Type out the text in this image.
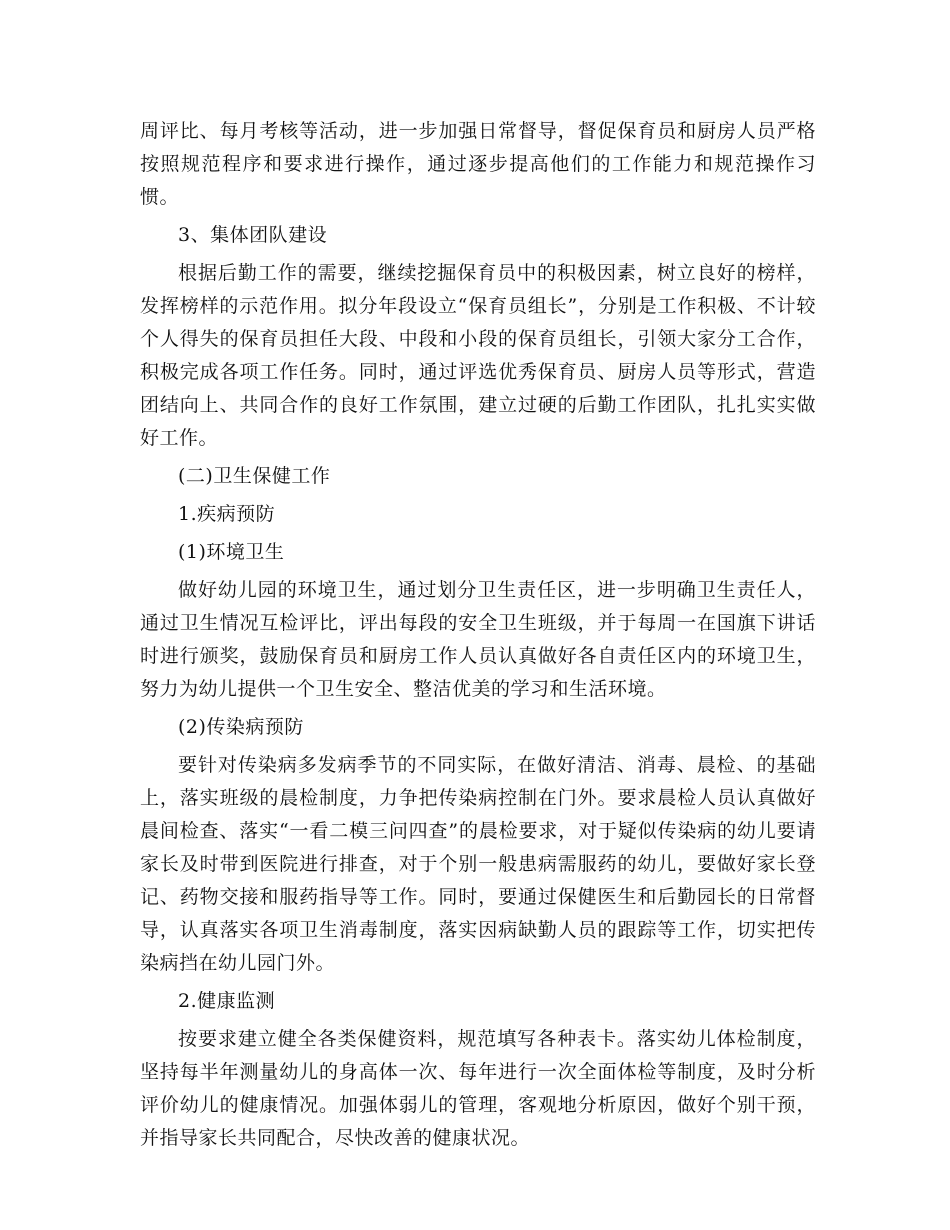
周评比、每月考核等活动，进一步加强日常督导，督促保育员和厨房人员严格按照规范程序和要求进行操作，通过逐步提高他们的工作能力和规范操作习惯。

3、集体团队建设

根据后勤工作的需要，继续挖掘保育员中的积极因素，树立良好的榜样，发挥榜样的示范作用。拟分年段设立“保育员组长”，分别是工作积极、不计较个人得失的保育员担任大段、中段和小段的保育员组长，引领大家分工合作，积极完成各项工作任务。同时，通过评选优秀保育员、厨房人员等形式，营造团结向上、共同合作的良好工作氛围，建立过硬的后勤工作团队，扎扎实实做好工作。

(二)卫生保健工作

1.疾病预防

(1)环境卫生

做好幼儿园的环境卫生，通过划分卫生责任区，进一步明确卫生责任人，通过卫生情况互检评比，评出每段的安全卫生班级，并于每周一在国旗下讲话时进行颁奖，鼓励保育员和厨房工作人员认真做好各自责任区内的环境卫生，努力为幼儿提供一个卫生安全、整洁优美的学习和生活环境。

(2)传染病预防

要针对传染病多发病季节的不同实际，在做好清洁、消毒、晨检、的基础上，落实班级的晨检制度，力争把传染病控制在门外。要求晨检人员认真做好晨间检查、落实“一看二模三问四查”的晨检要求，对于疑似传染病的幼儿要请家长及时带到医院进行排查，对于个别一般患病需服药的幼儿，要做好家长登记、药物交接和服药指导等工作。同时，要通过保健医生和后勤园长的日常督导，认真落实各项卫生消毒制度，落实因病缺勤人员的跟踪等工作，切实把传染病挡在幼儿园门外。

2.健康监测

按要求建立健全各类保健资料，规范填写各种表卡。落实幼儿体检制度，坚持每半年测量幼儿的身高体一次、每年进行一次全面体检等制度，及时分析评价幼儿的健康情况。加强体弱儿的管理，客观地分析原因，做好个别干预，并指导家长共同配合，尽快改善的健康状况。
